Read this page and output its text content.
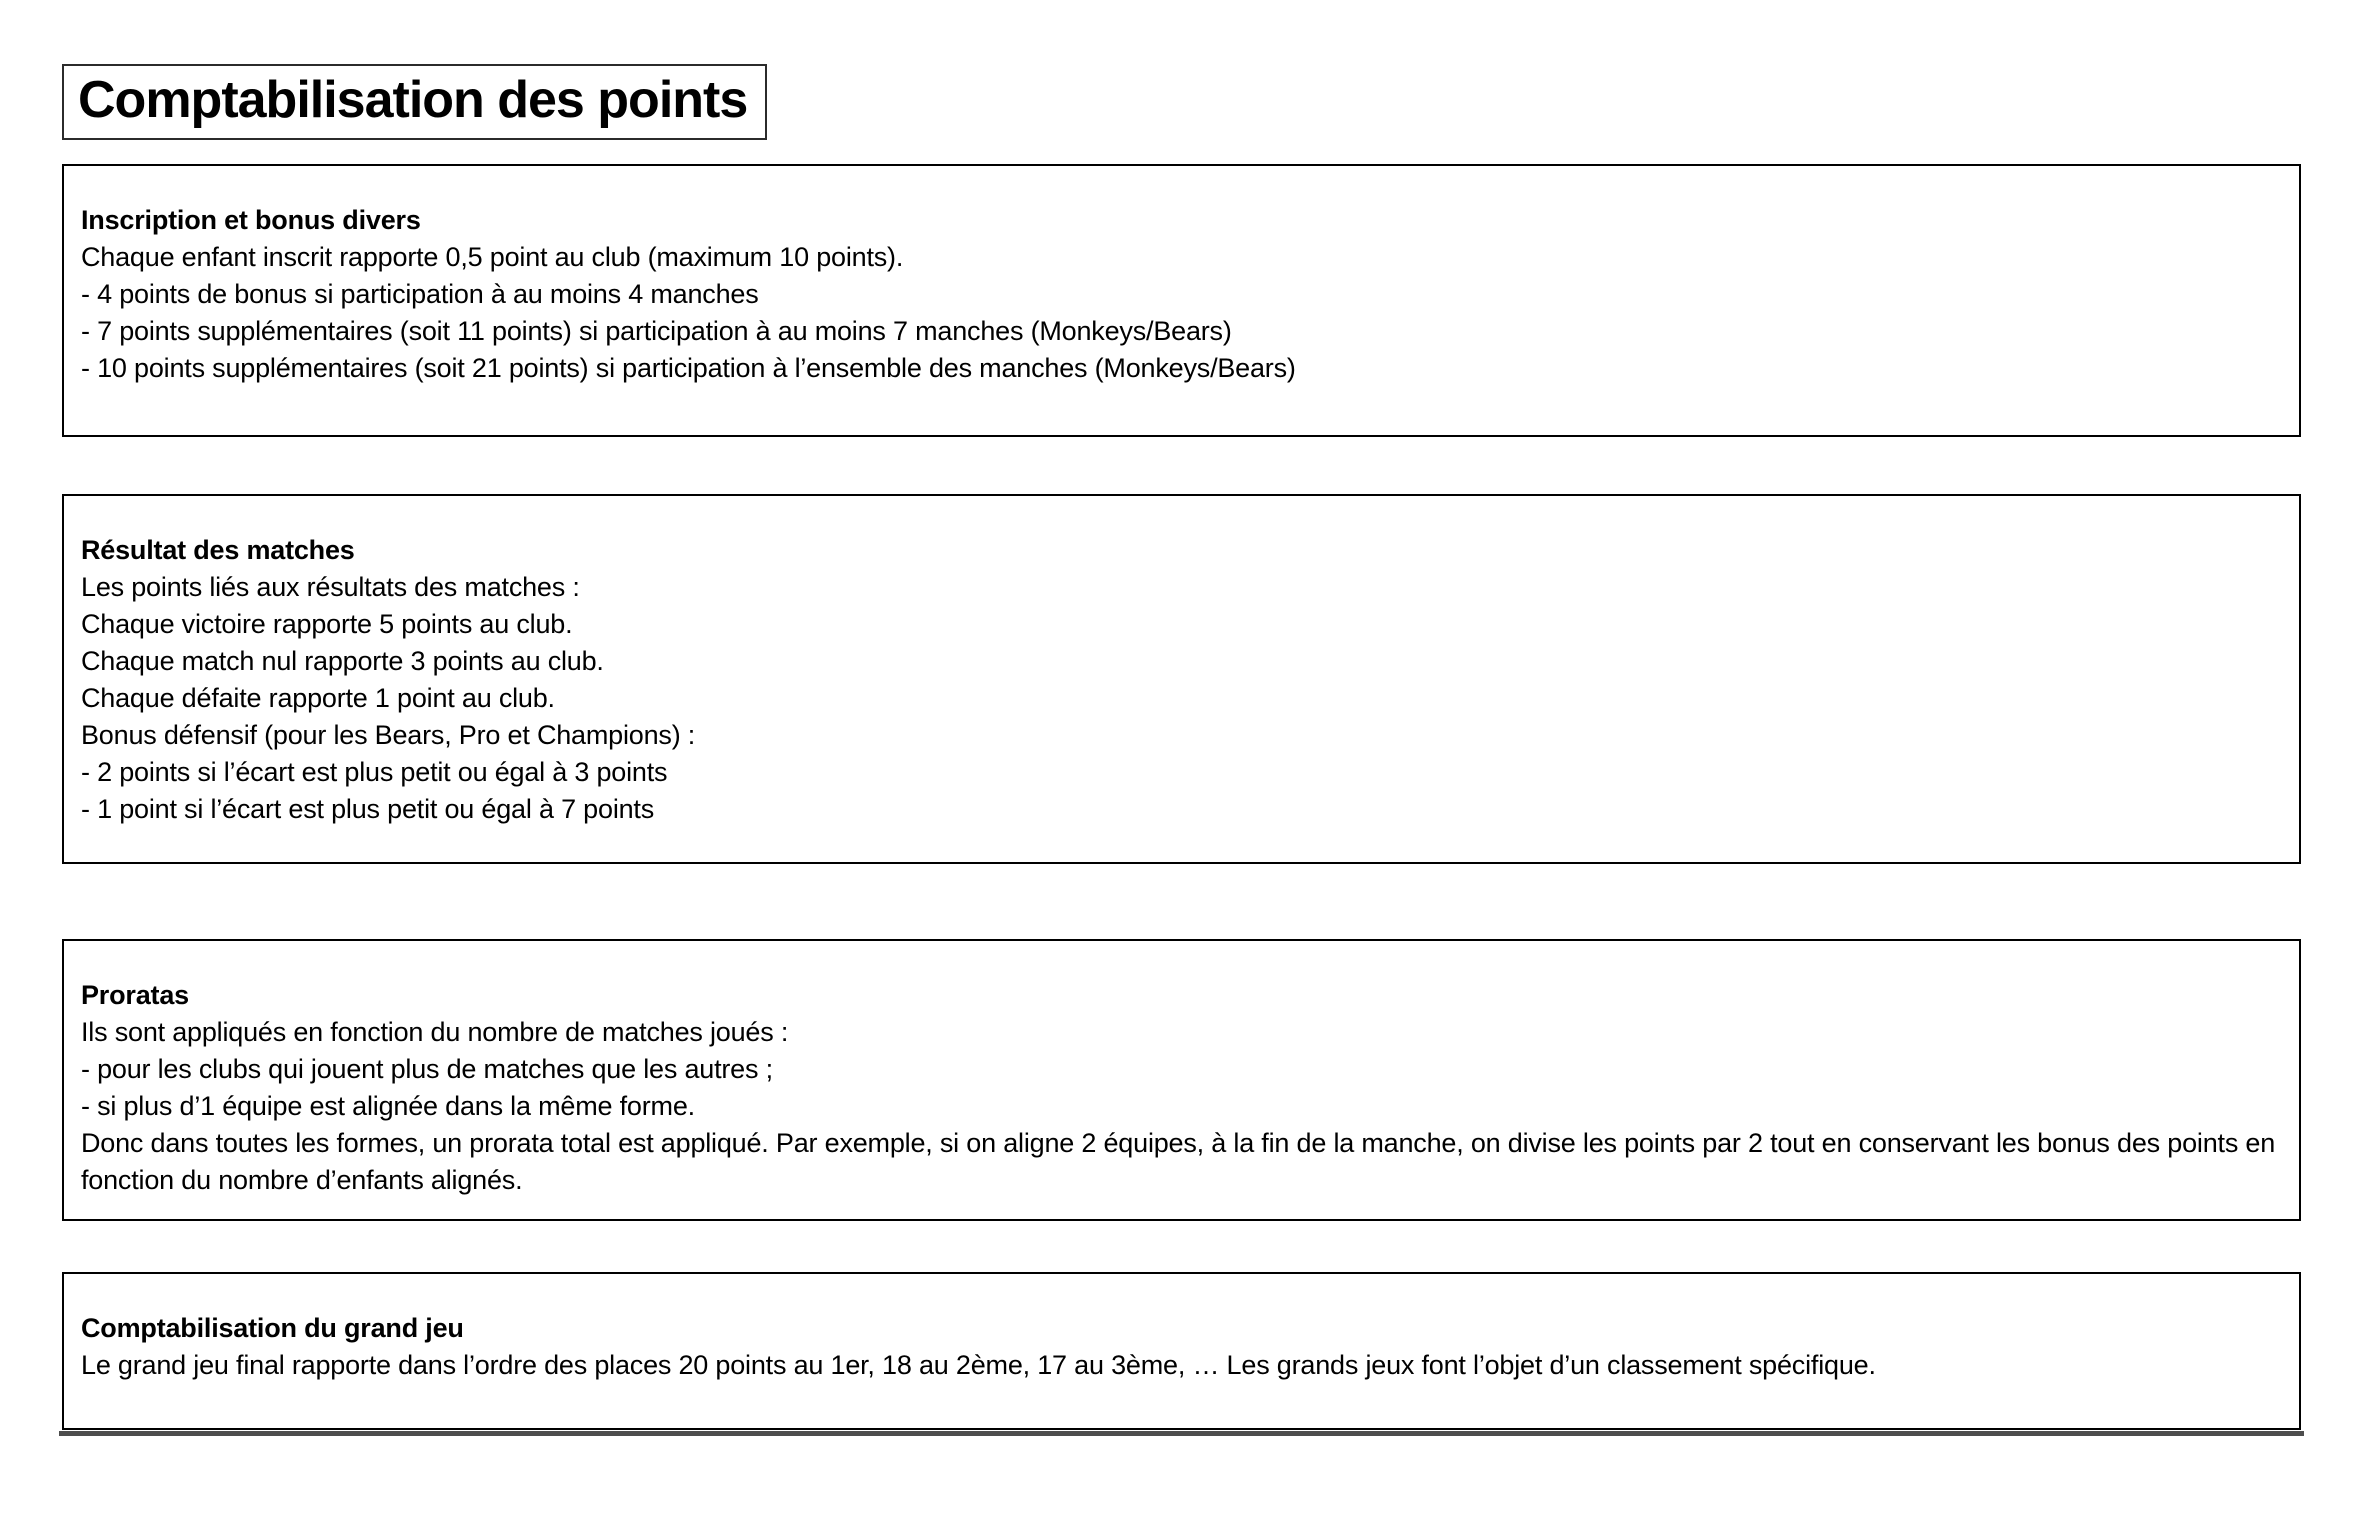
Comptabilisation des points
Inscription et bonus divers
Chaque enfant inscrit rapporte 0,5 point au club (maximum 10 points).
- 4 points de bonus si participation à au moins 4 manches
- 7 points supplémentaires (soit 11 points) si participation à au moins 7 manches (Monkeys/Bears)
- 10 points supplémentaires (soit 21 points) si participation à l’ensemble des manches (Monkeys/Bears)
Résultat des matches
Les points liés aux résultats des matches :
Chaque victoire rapporte 5 points au club.
Chaque match nul rapporte 3 points au club.
Chaque défaite rapporte 1 point au club.
Bonus défensif (pour les Bears, Pro et Champions) :
- 2 points si l’écart est plus petit ou égal à 3 points
- 1 point si l’écart est plus petit ou égal à 7 points
Proratas
Ils sont appliqués en fonction du nombre de matches joués :
- pour les clubs qui jouent plus de matches que les autres ;
- si plus d’1 équipe est alignée dans la même forme.
Donc dans toutes les formes, un prorata total est appliqué. Par exemple, si on aligne 2 équipes, à la fin de la manche, on divise les points par 2 tout en conservant les bonus des points en fonction du nombre d’enfants alignés.
Comptabilisation du grand jeu
Le grand jeu final rapporte dans l’ordre des places 20 points au 1er, 18 au 2ème, 17 au 3ème, … Les grands jeux font l’objet d’un classement spécifique.
